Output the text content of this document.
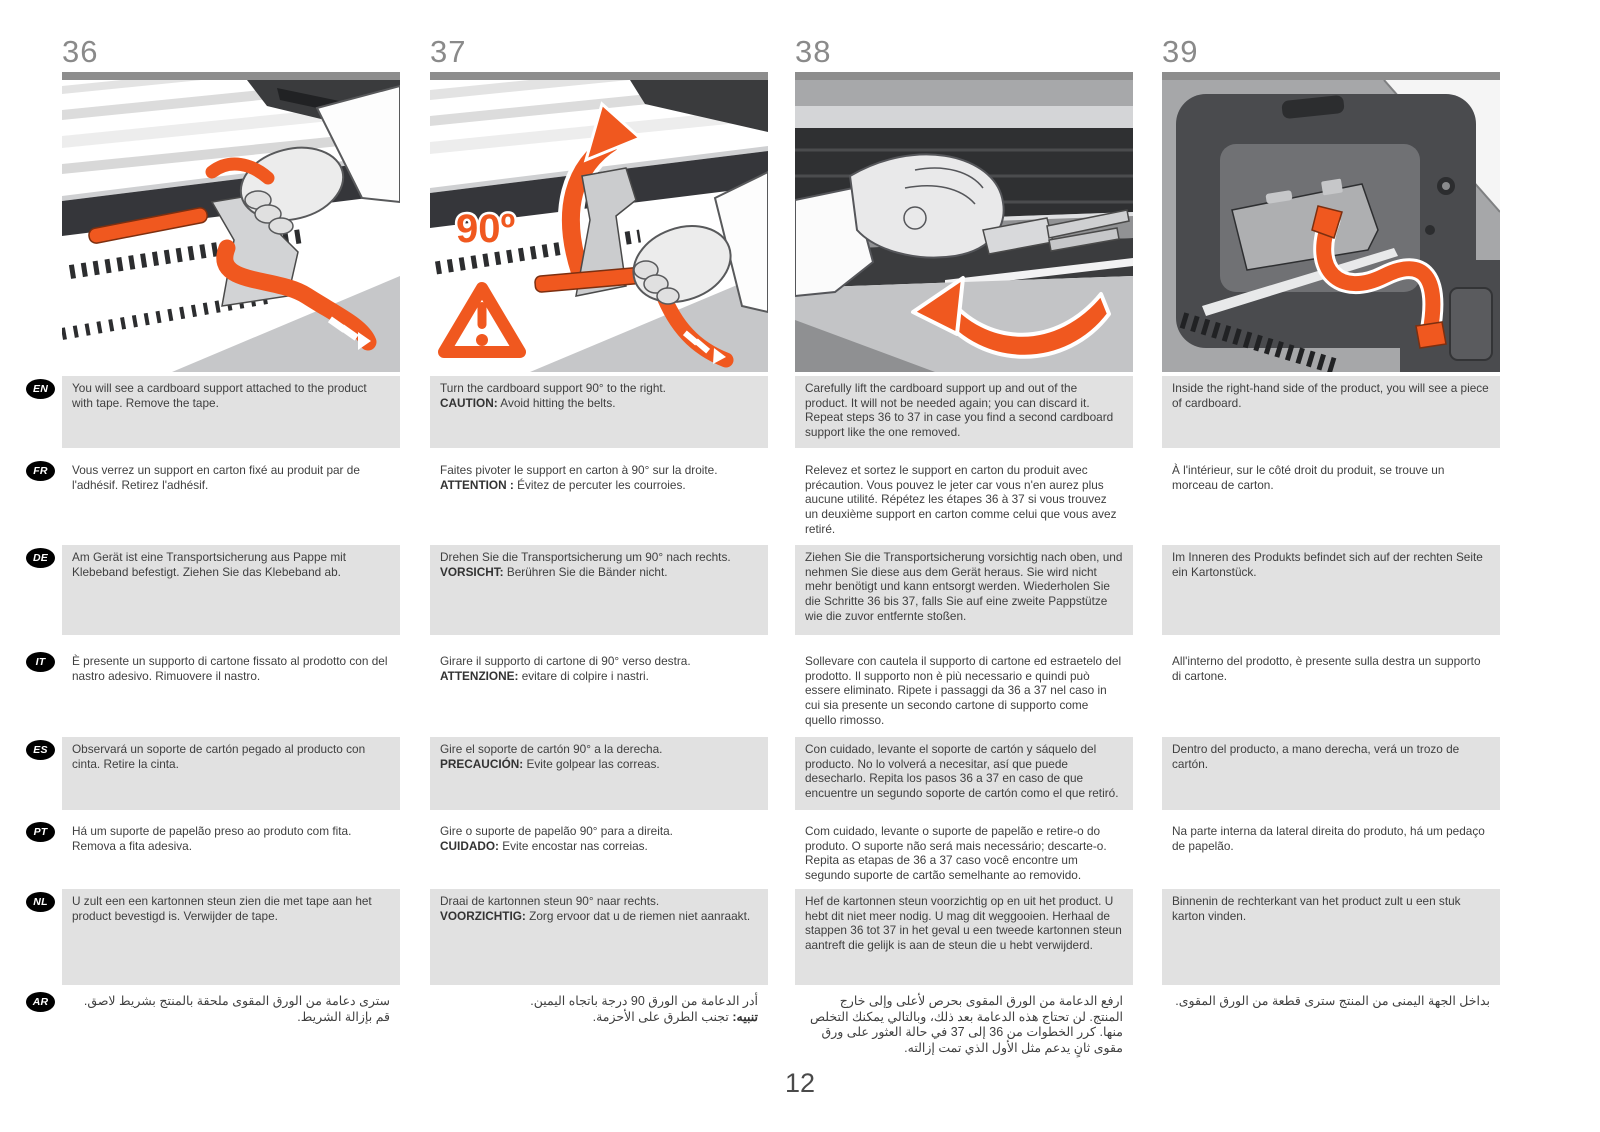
36	37	38	39
90º
EN	You will see a cardboard support attached to the product with tape. Remove the tape.
Turn the cardboard support 90° to the right.
CAUTION: Avoid hitting the belts.
Carefully lift the cardboard support up and out of the product. It will not be needed again; you can discard it. Repeat steps 36 to 37 in case you find a second cardboard support like the one removed.
Inside the right-hand side of the product, you will see a piece of cardboard.
FR	Vous verrez un support en carton fixé au produit par de l'adhésif. Retirez l'adhésif.
Faites pivoter le support en carton à 90° sur la droite.
ATTENTION : Évitez de percuter les courroies.
Relevez et sortez le support en carton du produit avec précaution. Vous pouvez le jeter car vous n'en aurez plus aucune utilité. Répétez les étapes 36 à 37 si vous trouvez un deuxième support en carton comme celui que vous avez retiré.
À l'intérieur, sur le côté droit du produit, se trouve un morceau de carton.
DE	Am Gerät ist eine Transportsicherung aus Pappe mit Klebeband befestigt. Ziehen Sie das Klebeband ab.
Drehen Sie die Transportsicherung um 90° nach rechts.
VORSICHT: Berühren Sie die Bänder nicht.
Ziehen Sie die Transportsicherung vorsichtig nach oben, und nehmen Sie diese aus dem Gerät heraus. Sie wird nicht mehr benötigt und kann entsorgt werden. Wiederholen Sie die Schritte 36 bis 37, falls Sie auf eine zweite Pappstütze wie die zuvor entfernte stoßen.
Im Inneren des Produkts befindet sich auf der rechten Seite ein Kartonstück.
IT	È presente un supporto di cartone fissato al prodotto con del nastro adesivo. Rimuovere il nastro.
Girare il supporto di cartone di 90° verso destra.
ATTENZIONE: evitare di colpire i nastri.
Sollevare con cautela il supporto di cartone ed estraetelo del prodotto. Il supporto non è più necessario e quindi può essere eliminato. Ripete i passaggi da 36 a 37 nel caso in cui sia presente un secondo cartone di supporto come quello rimosso.
All'interno del prodotto, è presente sulla destra un supporto di cartone.
ES	Observará un soporte de cartón pegado al producto con cinta. Retire la cinta.
Gire el soporte de cartón 90° a la derecha.
PRECAUCIÓN: Evite golpear las correas.
Con cuidado, levante el soporte de cartón y sáquelo del producto. No lo volverá a necesitar, así que puede desecharlo. Repita los pasos 36 a 37 en caso de que encuentre un segundo soporte de cartón como el que retiró.
Dentro del producto, a mano derecha, verá un trozo de cartón.
PT	Há um suporte de papelão preso ao produto com fita. Remova a fita adesiva.
Gire o suporte de papelão 90° para a direita.
CUIDADO: Evite encostar nas correias.
Com cuidado, levante o suporte de papelão e retire-o do produto. O suporte não será mais necessário; descarte-o. Repita as etapas de 36 a 37 caso você encontre um segundo suporte de cartão semelhante ao removido.
Na parte interna da lateral direita do produto, há um pedaço de papelão.
NL	U zult een een kartonnen steun zien die met tape aan het product bevestigd is. Verwijder de tape.
Draai de kartonnen steun 90° naar rechts.
VOORZICHTIG: Zorg ervoor dat u de riemen niet aanraakt.
Hef de kartonnen steun voorzichtig op en uit het product. U hebt dit niet meer nodig. U mag dit weggooien. Herhaal de stappen 36 tot 37 in het geval u een tweede kartonnen steun aantreft die gelijk is aan de steun die u hebt verwijderd.
Binnenin de rechterkant van het product zult u een stuk karton vinden.
AR	سترى دعامة من الورق المقوى ملحقة بالمنتج بشريط لاصق. قم بإزالة الشريط.
أدر الدعامة من الورق 90 درجة باتجاه اليمين.
تنبيه: تجنب الطرق على الأحزمة.
ارفع الدعامة من الورق المقوى بحرص لأعلى وإلى خارج المنتج. لن تحتاج هذه الدعامة بعد ذلك، وبالتالي يمكنك التخلص منها. كرر الخطوات من 36 إلى 37 في حالة العثور على ورق مقوى ثانٍ يدعم مثل الأول الذي تمت إزالته.
بداخل الجهة اليمنى من المنتج سترى قطعة من الورق المقوى.
12
